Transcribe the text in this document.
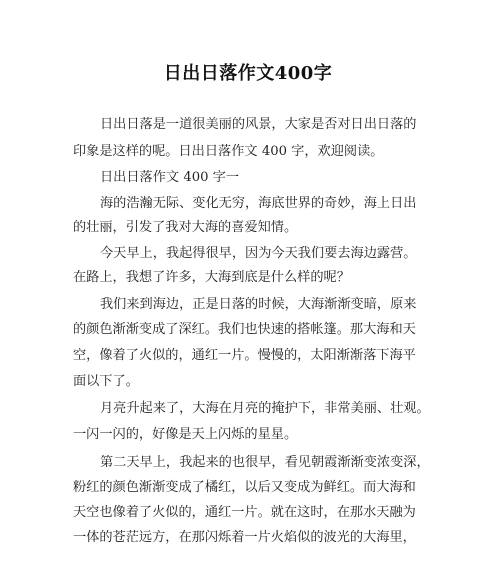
日出日落作文400字
日出日落是一道很美丽的风景，大家是否对日出日落的
印象是这样的呢。日出日落作文 400 字，欢迎阅读。
日出日落作文 400 字一
海的浩瀚无际、变化无穷，海底世界的奇妙，海上日出
的壮丽，引发了我对大海的喜爱知情。
今天早上，我起得很早，因为今天我们要去海边露营。
在路上，我想了许多，大海到底是什么样的呢？
我们来到海边，正是日落的时候，大海渐渐变暗，原来
的颜色渐渐变成了深红。我们也快速的搭帐篷。那大海和天
空，像着了火似的，通红一片。慢慢的，太阳渐渐落下海平
面以下了。
月亮升起来了，大海在月亮的掩护下，非常美丽、壮观。
一闪一闪的，好像是天上闪烁的星星。
第二天早上，我起来的也很早，看见朝霞渐渐变浓变深，
粉红的颜色渐渐变成了橘红，以后又变成为鲜红。而大海和
天空也像着了火似的，通红一片。就在这时，在那水天融为
一体的苍茫远方，在那闪烁着一片火焰似的波光的大海里，
